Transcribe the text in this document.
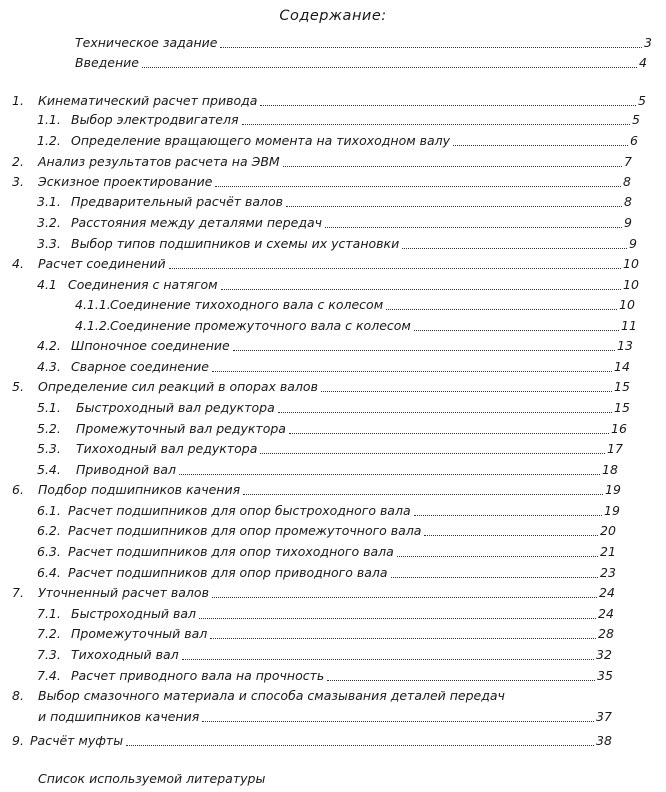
Содержание:
Техническое задание	3
Введение	4
1. Кинематический расчет привода	5
1.1. Выбор электродвигателя	5
1.2. Определение вращающего момента на тихоходном валу	6
2. Анализ результатов расчета на ЭВМ	7
3. Эскизное проектирование	8
3.1. Предварительный расчёт валов	8
3.2. Расстояния между деталями передач	9
3.3. Выбор типов подшипников и схемы их установки	9
4. Расчет соединений	10
4.1 Соединения с натягом	10
4.1.1. Соединение тихоходного вала с колесом	10
4.1.2. Соединение промежуточного вала с колесом	11
4.2. Шпоночное соединение	13
4.3. Сварное соединение	14
5. Определение сил реакций в опорах валов	15
5.1. Быстроходный вал редуктора	15
5.2. Промежуточный вал редуктора	16
5.3. Тихоходный вал редуктора	17
5.4. Приводной вал	18
6. Подбор подшипников качения	19
6.1. Расчет подшипников для опор быстроходного вала	19
6.2. Расчет подшипников для опор промежуточного вала	20
6.3. Расчет подшипников для опор тихоходного вала	21
6.4. Расчет подшипников для опор приводного вала	23
7. Уточненный расчет валов	24
7.1. Быстроходный вал	24
7.2. Промежуточный вал	28
7.3. Тихоходный вал	32
7.4. Расчет приводного вала на прочность	35
8. Выбор смазочного материала и способа смазывания деталей передач
и подшипников качения	37
9. Расчёт муфты	38
Список используемой литературы
